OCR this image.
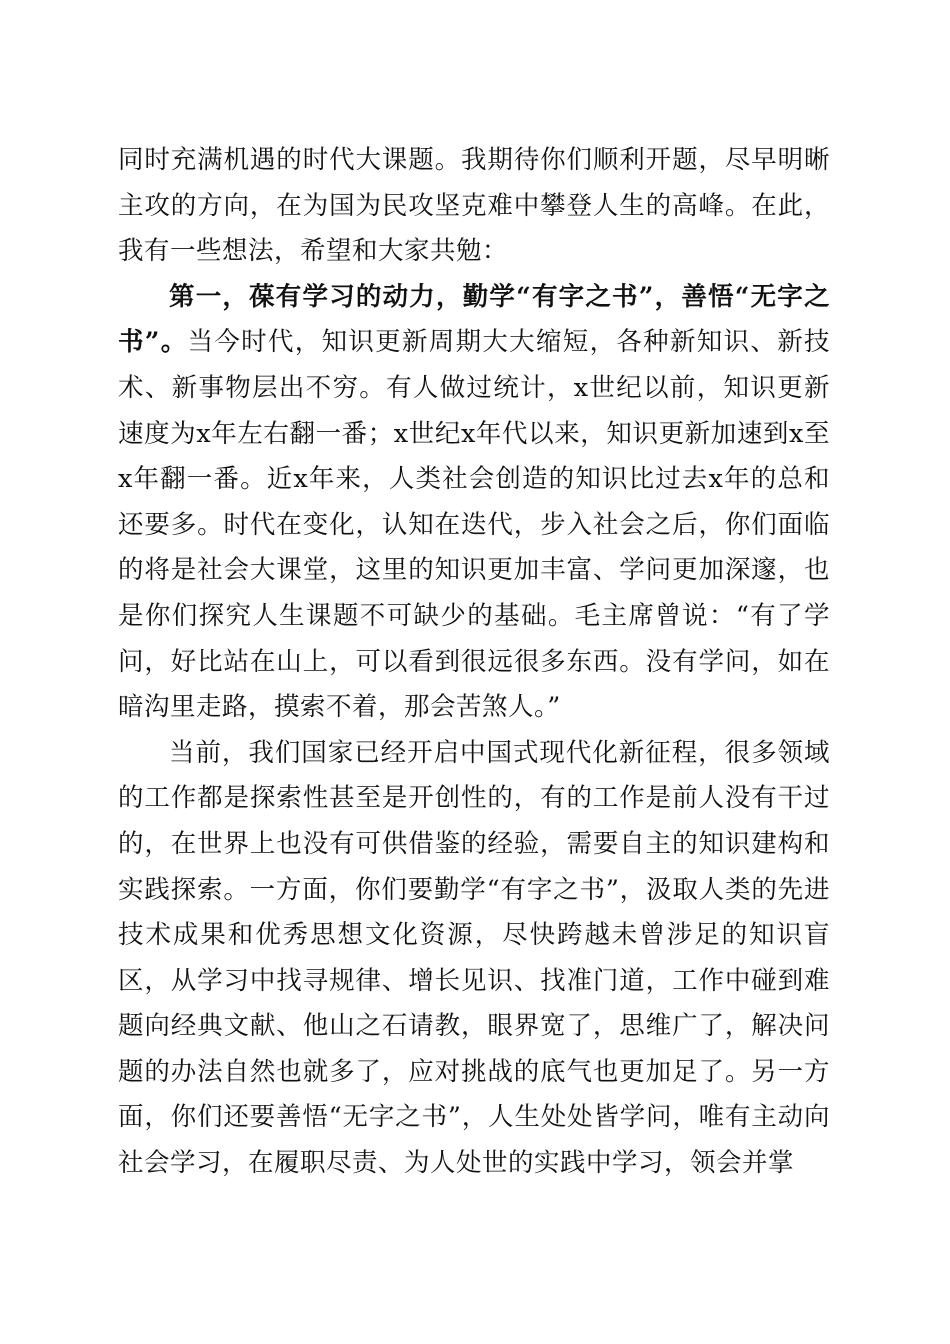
同时充满机遇的时代大课题。我期待你们顺利开题，尽早明晰主攻的方向，在为国为民攻坚克难中攀登人生的高峰。在此，我有一些想法，希望和大家共勉：

第一，葆有学习的动力，勤学“有字之书”，善悟“无字之书”。当今时代，知识更新周期大大缩短，各种新知识、新技术、新事物层出不穷。有人做过统计，x世纪以前，知识更新速度为x年左右翻一番；x世纪x年代以来，知识更新加速到x至x年翻一番。近x年来，人类社会创造的知识比过去x年的总和还要多。时代在变化，认知在迭代，步入社会之后，你们面临的将是社会大课堂，这里的知识更加丰富、学问更加深邃，也是你们探究人生课题不可缺少的基础。毛主席曾说：“有了学问，好比站在山上，可以看到很远很多东西。没有学问，如在暗沟里走路，摸索不着，那会苦煞人。”

当前，我们国家已经开启中国式现代化新征程，很多领域的工作都是探索性甚至是开创性的，有的工作是前人没有干过的，在世界上也没有可供借鉴的经验，需要自主的知识建构和实践探索。一方面，你们要勤学“有字之书”，汲取人类的先进技术成果和优秀思想文化资源，尽快跨越未曾涉足的知识盲区，从学习中找寻规律、增长见识、找准门道，工作中碰到难题向经典文献、他山之石请教，眼界宽了，思维广了，解决问题的办法自然也就多了，应对挑战的底气也更加足了。另一方面，你们还要善悟“无字之书”，人生处处皆学问，唯有主动向社会学习，在履职尽责、为人处世的实践中学习，领会并掌
